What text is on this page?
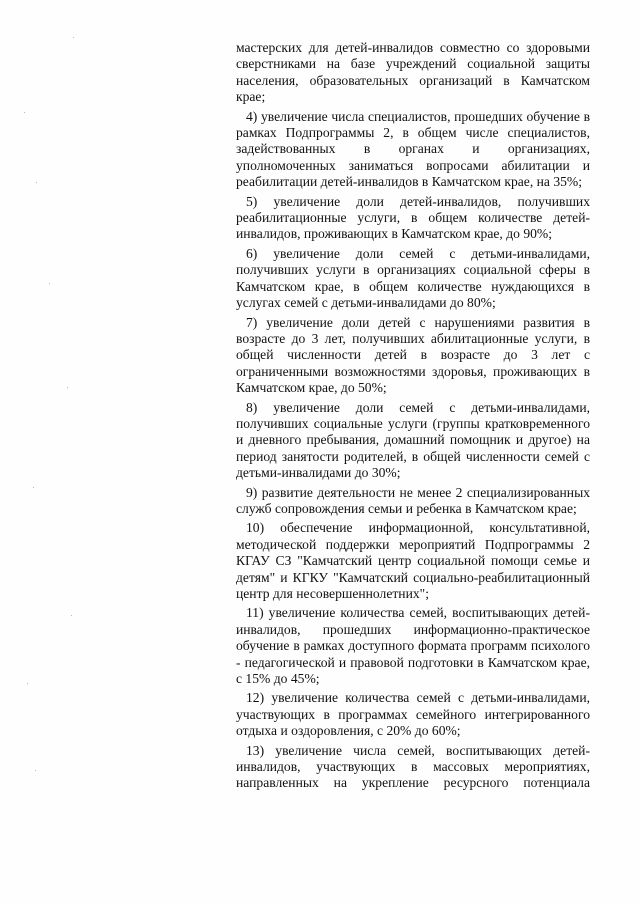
мастерских для детей-инвалидов совместно со здоровыми сверстниками на базе учреждений социальной защиты населения, образовательных организаций в Камчатском крае;

4) увеличение числа специалистов, прошедших обучение в рамках Подпрограммы 2, в общем числе специалистов, задействованных в органах и организациях, уполномоченных заниматься вопросами абилитации и реабилитации детей-инвалидов в Камчатском крае, на 35%;

5) увеличение доли детей-инвалидов, получивших реабилитационные услуги, в общем количестве детей-инвалидов, проживающих в Камчатском крае, до 90%;

6) увеличение доли семей с детьми-инвалидами, получивших услуги в организациях социальной сферы в Камчатском крае, в общем количестве нуждающихся в услугах семей с детьми-инвалидами до 80%;

7) увеличение доли детей с нарушениями развития в возрасте до 3 лет, получивших абилитационные услуги, в общей численности детей в возрасте до 3 лет с ограниченными возможностями здоровья, проживающих в Камчатском крае, до 50%;

8) увеличение доли семей с детьми-инвалидами, получивших социальные услуги (группы кратковременного и дневного пребывания, домашний помощник и другое) на период занятости родителей, в общей численности семей с детьми-инвалидами до 30%;

9) развитие деятельности не менее 2 специализированных служб сопровождения семьи и ребенка в Камчатском крае;

10) обеспечение информационной, консультативной, методической поддержки мероприятий Подпрограммы 2 КГАУ СЗ "Камчатский центр социальной помощи семье и детям" и КГКУ "Камчатский социально-реабилитационный центр для несовершеннолетних";

11) увеличение количества семей, воспитывающих детей-инвалидов, прошедших информационно-практическое обучение в рамках доступного формата программ психолого - педагогической и правовой подготовки в Камчатском крае, с 15% до 45%;

12) увеличение количества семей с детьми-инвалидами, участвующих в программах семейного интегрированного отдыха и оздоровления, с 20% до 60%;

13) увеличение числа семей, воспитывающих детей-инвалидов, участвующих в массовых мероприятиях, направленных на укрепление ресурсного потенциала
